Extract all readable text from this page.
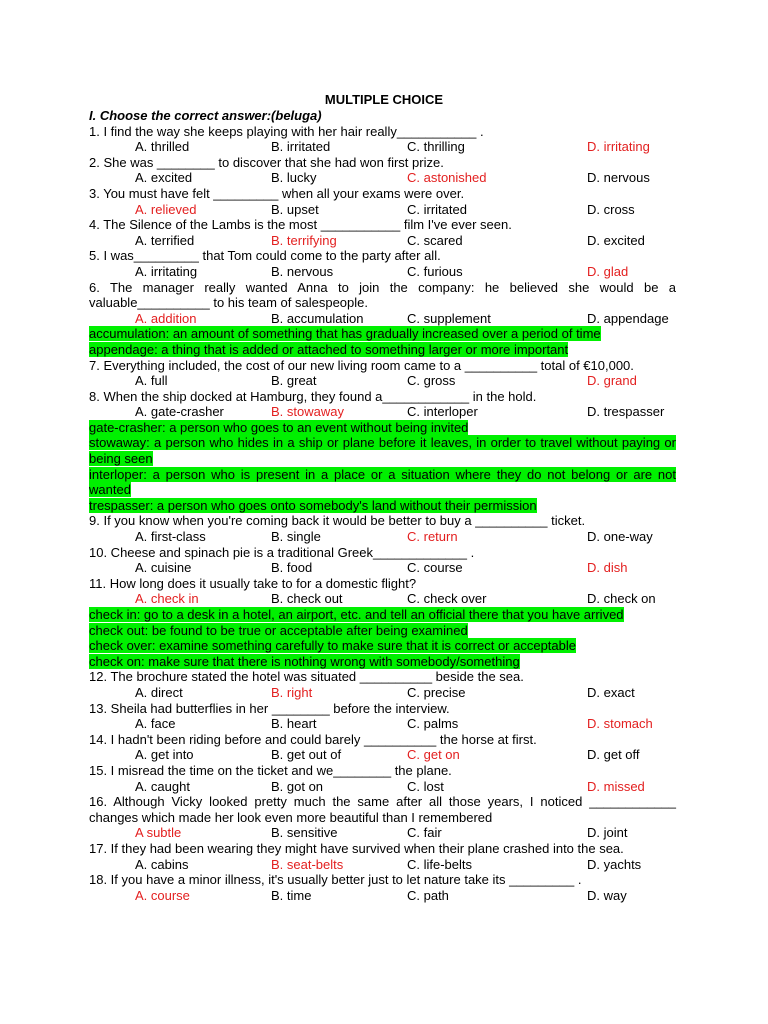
MULTIPLE CHOICE
I. Choose the correct answer:(beluga)
1. I find the way she keeps playing with her hair really___________ .
A. thrilled	B. irritated	C. thrilling	D. irritating
2. She was ________ to discover that she had won first prize.
A. excited	B. lucky	C. astonished	D. nervous
3. You must have felt _________ when all your exams were over.
A. relieved	B. upset	C. irritated	D. cross
4. The Silence of the Lambs is the most ___________ film I've ever seen.
A. terrified	B. terrifying	C. scared	D. excited
5. I was_________ that Tom could come to the party after all.
A. irritating	B. nervous	C. furious	D. glad
6. The manager really wanted Anna to join the company: he believed she would be a valuable__________ to his team of salespeople.
A. addition	B. accumulation	C. supplement	D. appendage
accumulation: an amount of something that has gradually increased over a period of time
appendage: a thing that is added or attached to something larger or more important
7. Everything included, the cost of our new living room came to a __________ total of €10,000.
A. full	B. great	C. gross	D. grand
8. When the ship docked at Hamburg, they found a____________ in the hold.
A. gate-crasher	B. stowaway	C. interloper	D. trespasser
gate-crasher: a person who goes to an event without being invited
stowaway: a person who hides in a ship or plane before it leaves, in order to travel without paying or being seen
interloper: a person who is present in a place or a situation where they do not belong or are not wanted
trespasser: a person who goes onto somebody's land without their permission
9. If you know when you're coming back it would be better to buy a __________ ticket.
A. first-class	B. single	C. return	D. one-way
10. Cheese and spinach pie is a traditional Greek_____________ .
A. cuisine	B. food	C. course	D. dish
11. How long does it usually take to for a domestic flight?
A. check in	B. check out	C. check over	D. check on
check in: go to a desk in a hotel, an airport, etc. and tell an official there that you have arrived
check out: be found to be true or acceptable after being examined
check over: examine something carefully to make sure that it is correct or acceptable
check on: make sure that there is nothing wrong with somebody/something
12. The brochure stated the hotel was situated __________ beside the sea.
A. direct	B. right	C. precise	D. exact
13. Sheila had butterflies in her ________ before the interview.
A. face	B. heart	C. palms	D. stomach
14. I hadn't been riding before and could barely __________ the horse at first.
A. get into	B. get out of	C. get on	D. get off
15. I misread the time on the ticket and we________ the plane.
A. caught	B. got on	C. lost	D. missed
16. Although Vicky looked pretty much the same after all those years, I noticed ____________ changes which made her look even more beautiful than I remembered
A subtle	B. sensitive	C. fair	D. joint
17. If they had been wearing they might have survived when their plane crashed into the sea.
A. cabins	B. seat-belts	C. life-belts	D. yachts
18. If you have a minor illness, it's usually better just to let nature take its _________ .
A. course	B. time	C. path	D. way
